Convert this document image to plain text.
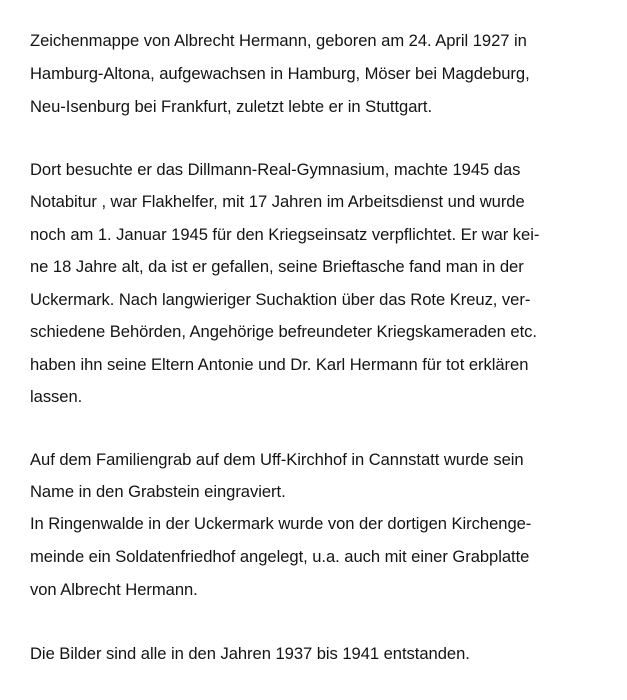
Zeichenmappe von Albrecht Hermann, geboren am 24. April 1927 in
Hamburg-Altona, aufgewachsen in Hamburg, Möser bei Magdeburg,
Neu-Isenburg bei Frankfurt, zuletzt lebte er in Stuttgart.
Dort besuchte er das Dillmann-Real-Gymnasium, machte 1945 das
Notabitur , war Flakhelfer, mit 17 Jahren im Arbeitsdienst und wurde
noch am 1. Januar 1945 für den Kriegseinsatz verpflichtet. Er war kei-
ne 18 Jahre alt, da ist er gefallen, seine Brieftasche fand man in der
Uckermark. Nach langwieriger Suchaktion über das Rote Kreuz, ver-
schiedene Behörden, Angehörige befreundeter Kriegskameraden etc.
haben ihn seine Eltern Antonie und Dr. Karl Hermann für tot erklären
lassen.
Auf dem Familiengrab auf dem Uff-Kirchhof in Cannstatt wurde sein
Name in den Grabstein eingraviert.
In Ringenwalde in der Uckermark wurde von der dortigen Kirchenge-
meinde ein Soldatenfriedhof angelegt, u.a. auch mit einer Grabplatte
von Albrecht Hermann.
Die Bilder sind alle in den Jahren 1937 bis 1941 entstanden.
